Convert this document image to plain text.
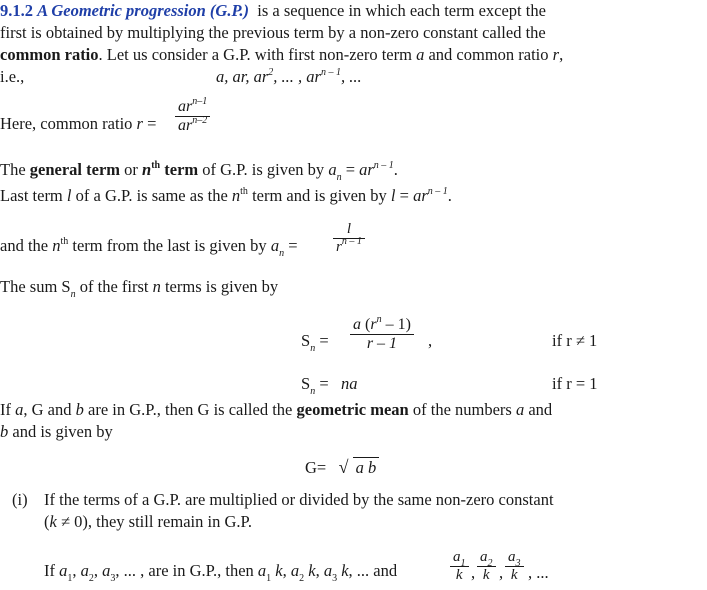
9.1.2 A Geometric progression (G.P.) is a sequence in which each term except the
first is obtained by multiplying the previous term by a non-zero constant called the
common ratio. Let us consider a G.P. with first non-zero term a and common ratio r,
i.e.,	a, ar, $ar^2$, ... , $ar^{n - 1}$, ...
Here, common ratio r =
$ar^{n-1}$
$ar^{n-2}$
The general term or $n^{th}$ term of G.P. is given by $a_n = ar^{n - 1}$.
Last term l of a G.P. is same as the $n^{th}$ term and is given by $l = ar^{n - 1}$.
and the $n^{th}$ term from the last is given by $a_n$ =
l
$r^{n - 1}$
The sum $S_n$ of the first n terms is given by
$S_n$ =
a $(r^n - 1)$
r – 1	,	if r ≠ 1
$S_n$ = na	if r = 1
If a, G and b are in G.P., then G is called the geometric mean of the numbers a and
b and is given by
G= √ a b
(i) If the terms of a G.P. are multiplied or divided by the same non-zero constant
(k ≠ 0), they still remain in G.P.
If $a_1$, $a_2$, $a_3$, ... , are in G.P., then $a_1$ k, $a_2$ k, $a_3$ k, ... and
$a_1$
k ,
$a_2$
k ,
$a_3$
k , ...
